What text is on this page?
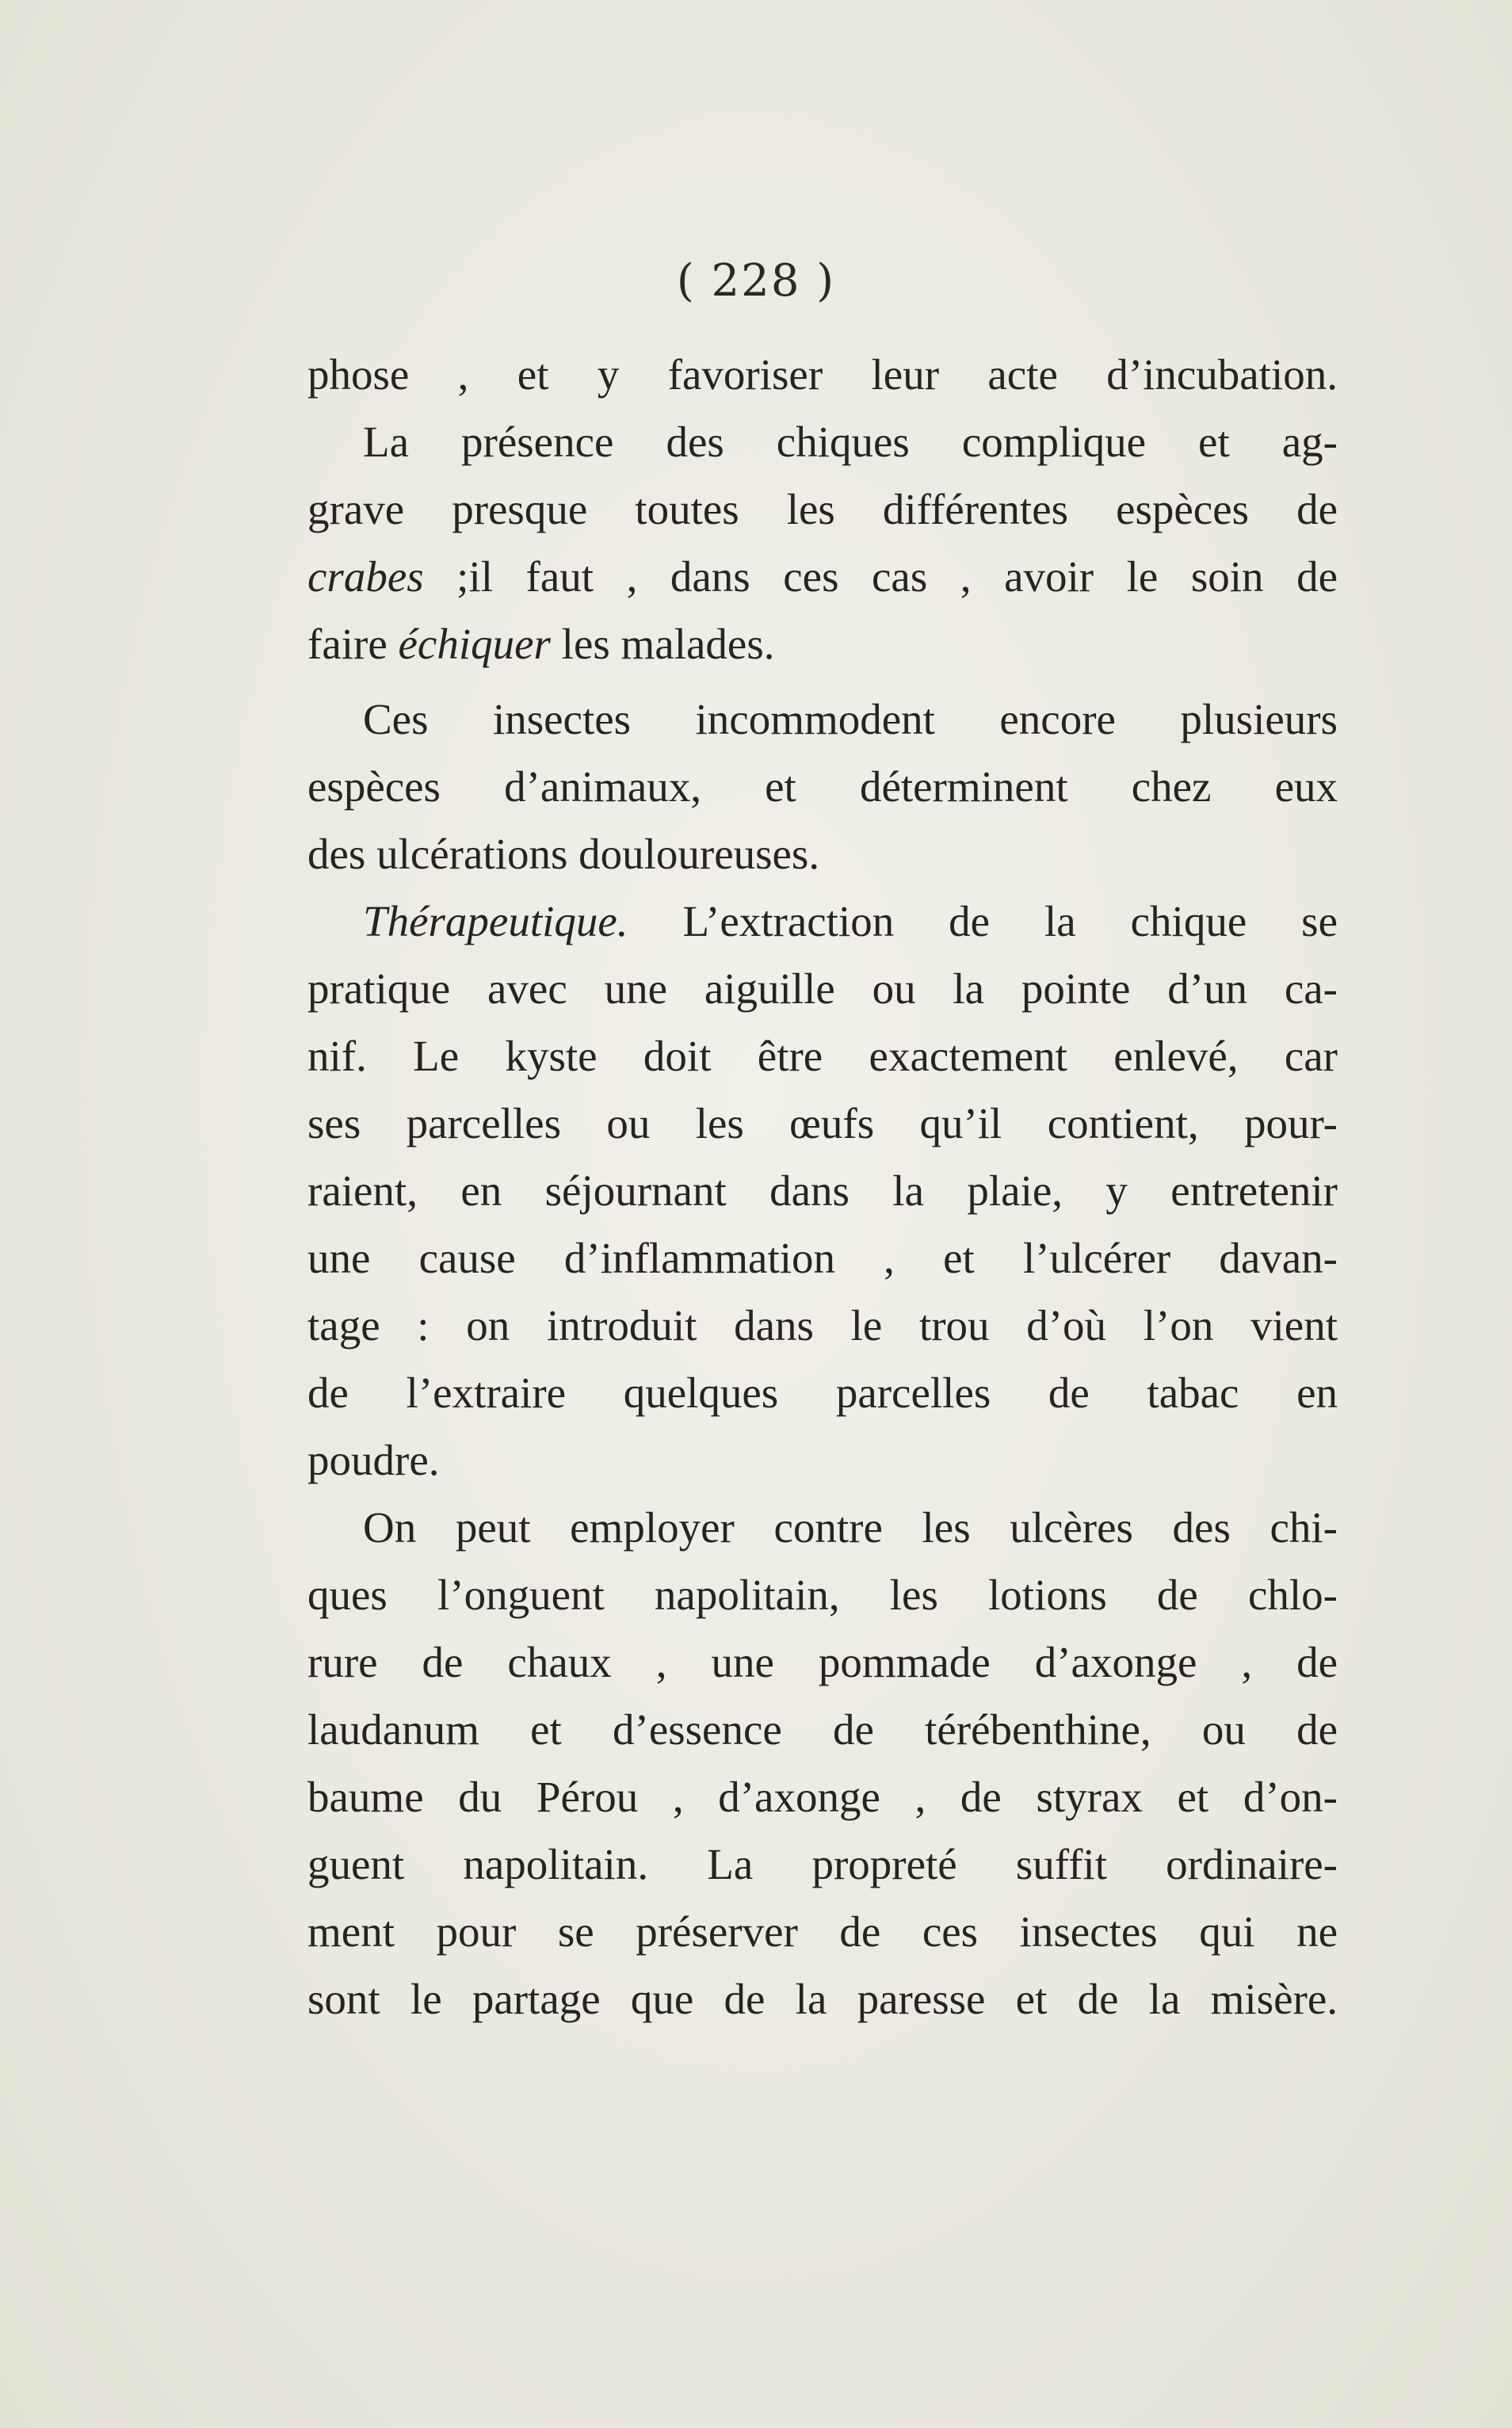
( 228 )
phose , et y favoriser leur acte d’incubation.
La présence des chiques complique et ag-
grave presque toutes les différentes espèces de
crabes ;il faut , dans ces cas , avoir le soin de
faire échiquer les malades.
Ces insectes incommodent encore plusieurs
espèces d’animaux, et déterminent chez eux
des ulcérations douloureuses.
Thérapeutique. L’extraction de la chique se
pratique avec une aiguille ou la pointe d’un ca-
nif. Le kyste doit être exactement enlevé, car
ses parcelles ou les œufs qu’il contient, pour-
raient, en séjournant dans la plaie, y entretenir
une cause d’inflammation , et l’ulcérer davan-
tage : on introduit dans le trou d’où l’on vient
de l’extraire quelques parcelles de tabac en
poudre.
On peut employer contre les ulcères des chi-
ques l’onguent napolitain, les lotions de chlo-
rure de chaux , une pommade d’axonge , de
laudanum et d’essence de térébenthine, ou de
baume du Pérou , d’axonge , de styrax et d’on-
guent napolitain. La propreté suffit ordinaire-
ment pour se préserver de ces insectes qui ne
sont le partage que de la paresse et de la misère.
